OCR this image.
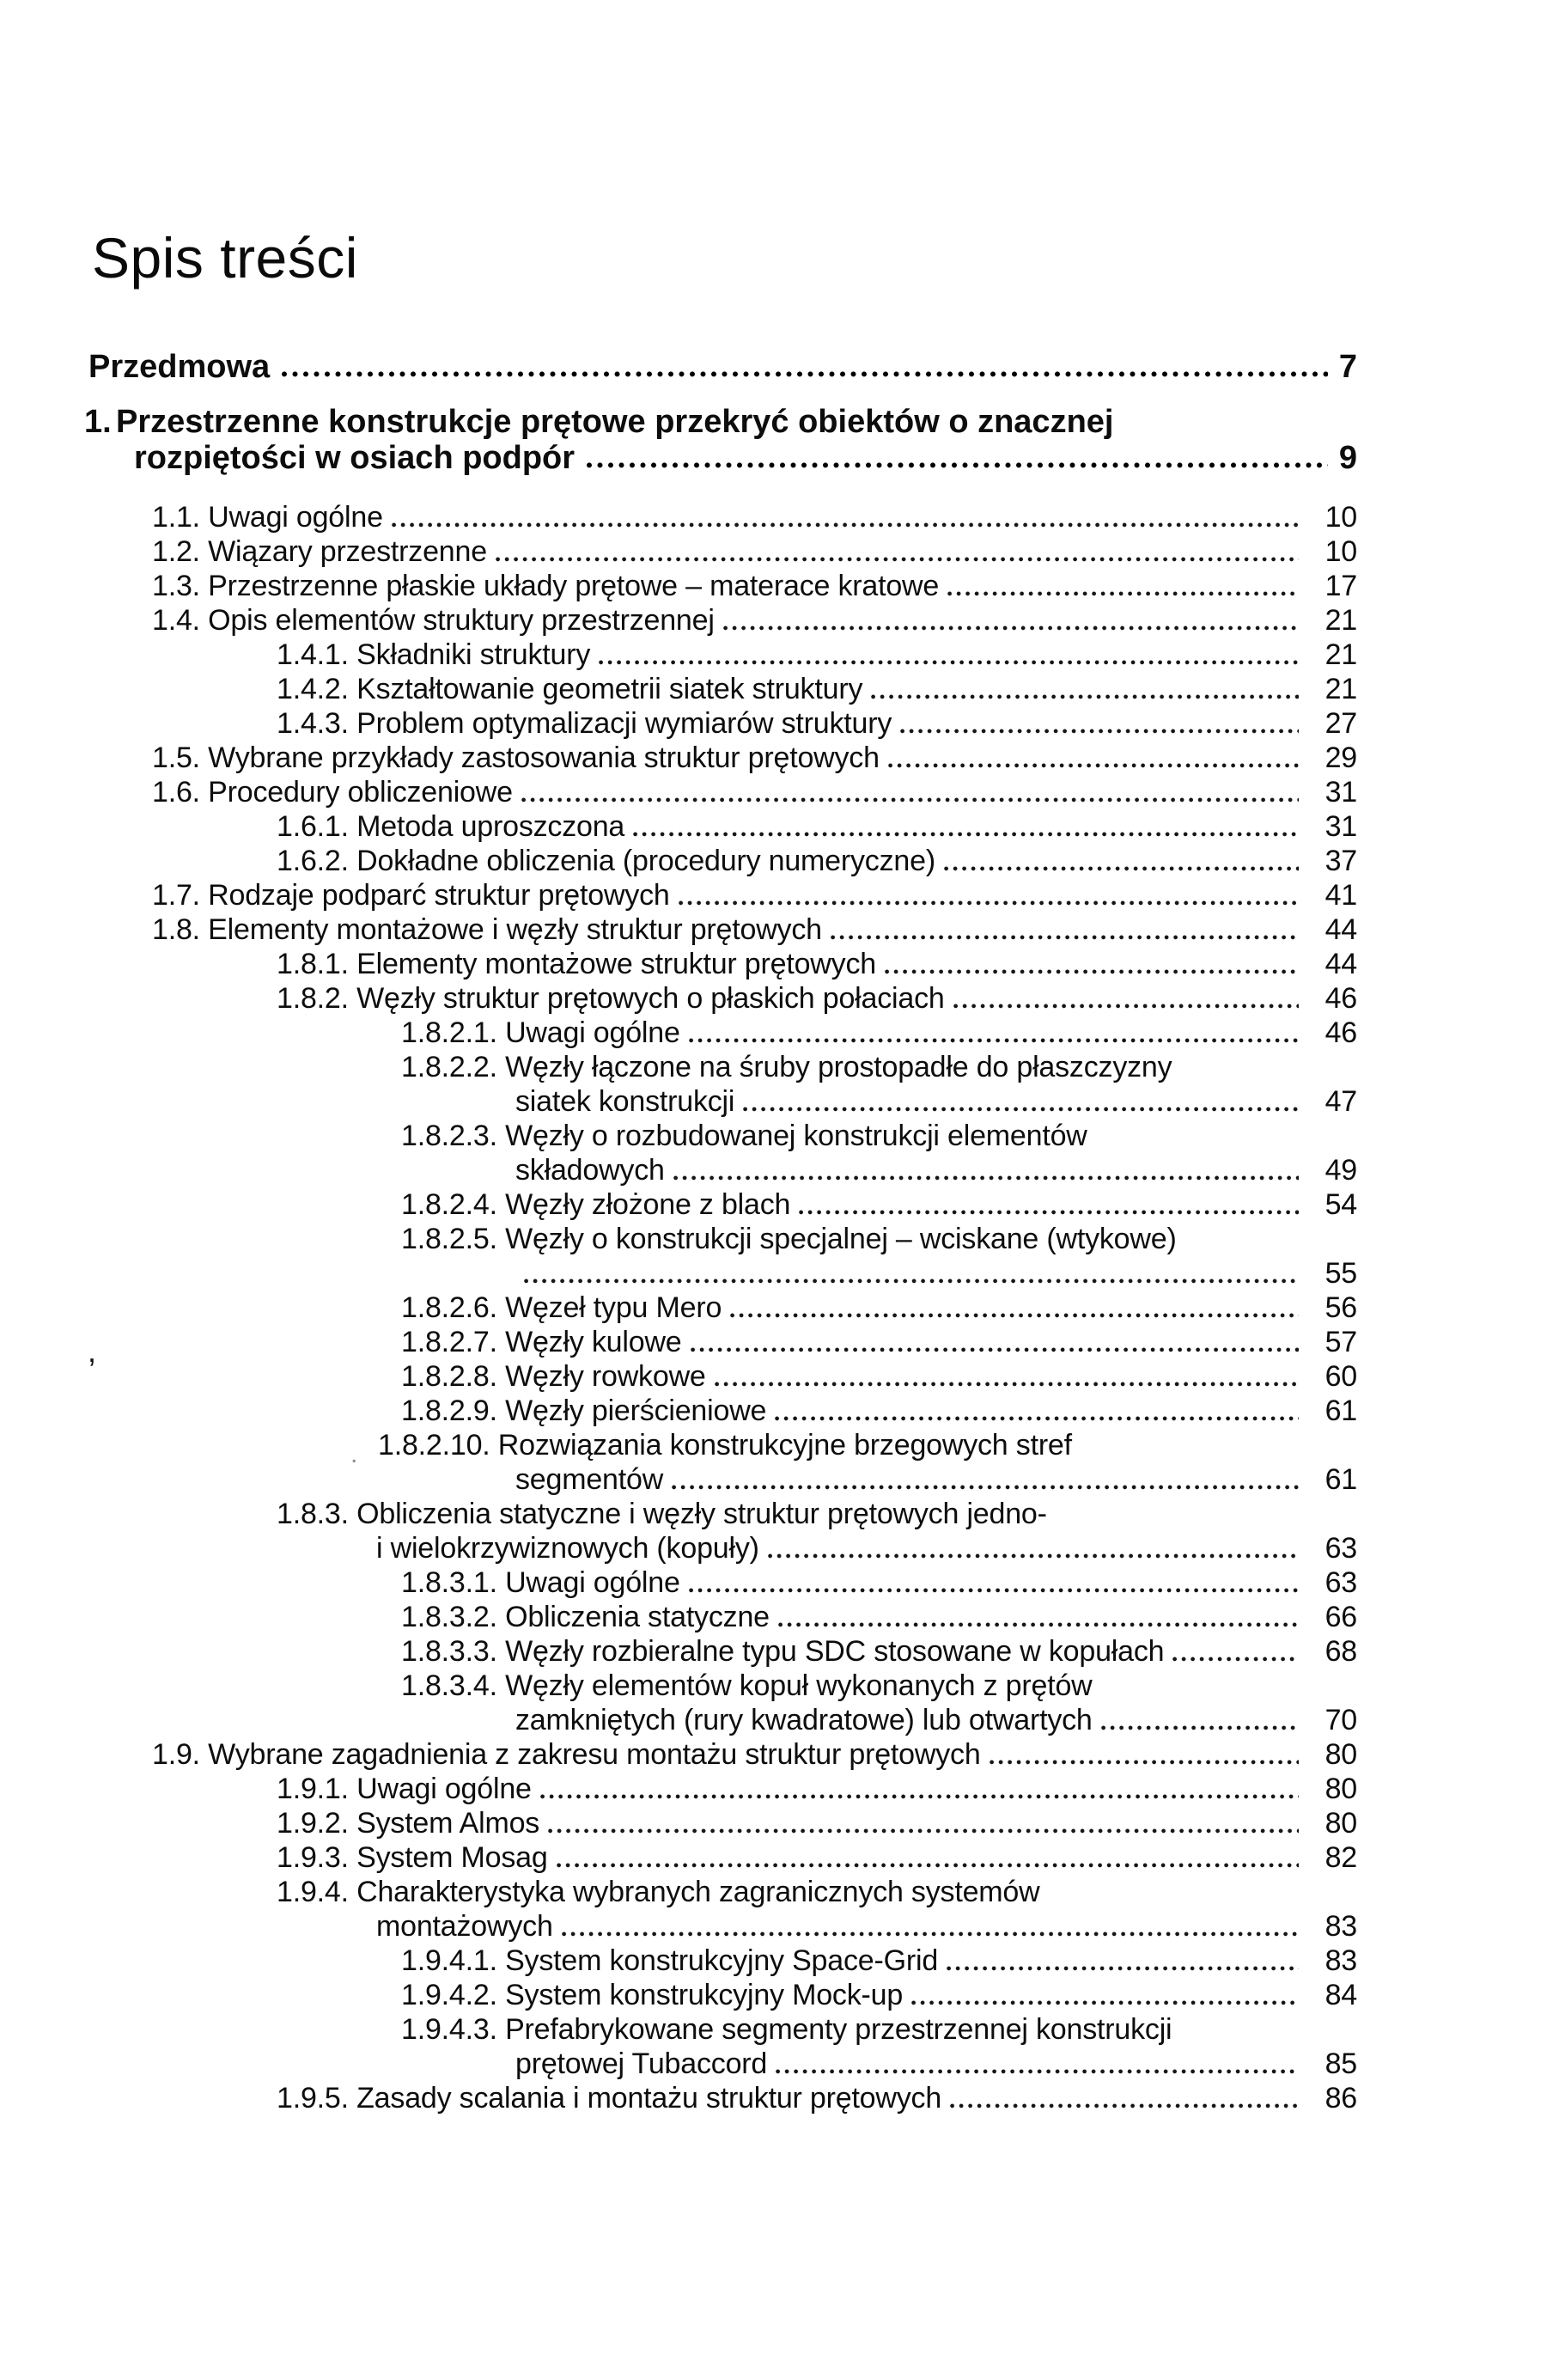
Spis treści
Przedmowa	7
1. Przestrzenne konstrukcje prętowe przekryć obiektów o znacznej
rozpiętości w osiach podpór	9
1.1. Uwagi ogólne	10
1.2. Wiązary przestrzenne	10
1.3. Przestrzenne płaskie układy prętowe – materace kratowe	17
1.4. Opis elementów struktury przestrzennej	21
1.4.1. Składniki struktury	21
1.4.2. Kształtowanie geometrii siatek struktury	21
1.4.3. Problem optymalizacji wymiarów struktury	27
1.5. Wybrane przykłady zastosowania struktur prętowych	29
1.6. Procedury obliczeniowe	31
1.6.1. Metoda uproszczona	31
1.6.2. Dokładne obliczenia (procedury numeryczne)	37
1.7. Rodzaje podparć struktur prętowych	41
1.8. Elementy montażowe i węzły struktur prętowych	44
1.8.1. Elementy montażowe struktur prętowych	44
1.8.2. Węzły struktur prętowych o płaskich połaciach	46
1.8.2.1. Uwagi ogólne	46
1.8.2.2. Węzły łączone na śruby prostopadłe do płaszczyzny
siatek konstrukcji	47
1.8.2.3. Węzły o rozbudowanej konstrukcji elementów
składowych	49
1.8.2.4. Węzły złożone z blach	54
1.8.2.5. Węzły o konstrukcji specjalnej – wciskane (wtykowe)
55
1.8.2.6. Węzeł typu Mero	56
1.8.2.7. Węzły kulowe	57
1.8.2.8. Węzły rowkowe	60
1.8.2.9. Węzły pierścieniowe	61
1.8.2.10. Rozwiązania konstrukcyjne brzegowych stref
segmentów	61
1.8.3. Obliczenia statyczne i węzły struktur prętowych jedno-
i wielokrzywiznowych (kopuły)	63
1.8.3.1. Uwagi ogólne	63
1.8.3.2. Obliczenia statyczne	66
1.8.3.3. Węzły rozbieralne typu SDC stosowane w kopułach	68
1.8.3.4. Węzły elementów kopuł wykonanych z prętów
zamkniętych (rury kwadratowe) lub otwartych	70
1.9. Wybrane zagadnienia z zakresu montażu struktur prętowych	80
1.9.1. Uwagi ogólne	80
1.9.2. System Almos	80
1.9.3. System Mosag	82
1.9.4. Charakterystyka wybranych zagranicznych systemów
montażowych	83
1.9.4.1. System konstrukcyjny Space-Grid	83
1.9.4.2. System konstrukcyjny Mock-up	84
1.9.4.3. Prefabrykowane segmenty przestrzennej konstrukcji
prętowej Tubaccord	85
1.9.5. Zasady scalania i montażu struktur prętowych	86
,
.
